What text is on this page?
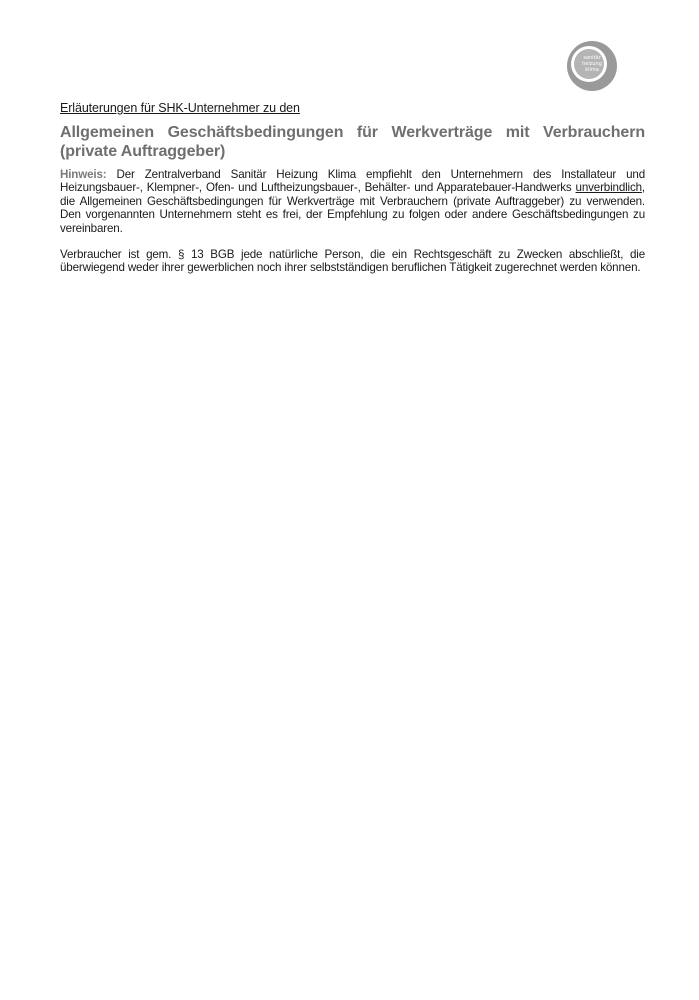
sanitär
heizung
klima
Erläuterungen für SHK-Unternehmer zu den
Allgemeinen Geschäftsbedingungen für Werkverträge mit Verbrauchern (private Auftraggeber)

Hinweis: Der Zentralverband Sanitär Heizung Klima empfiehlt den Unternehmern des Installateur und Heizungsbauer-, Klempner-, Ofen- und Luftheizungsbauer-, Behälter- und Apparatebauer-Handwerks unverbindlich, die Allgemeinen Geschäftsbedingungen für Werkverträge mit Verbrauchern (private Auftraggeber) zu verwenden. Den vorgenannten Unternehmern steht es frei, der Empfehlung zu folgen oder andere Geschäftsbedingungen zu vereinbaren.

Verbraucher ist gem. § 13 BGB jede natürliche Person, die ein Rechtsgeschäft zu Zwecken abschließt, die überwiegend weder ihrer gewerblichen noch ihrer selbstständigen beruflichen Tätigkeit zugerechnet werden können.
